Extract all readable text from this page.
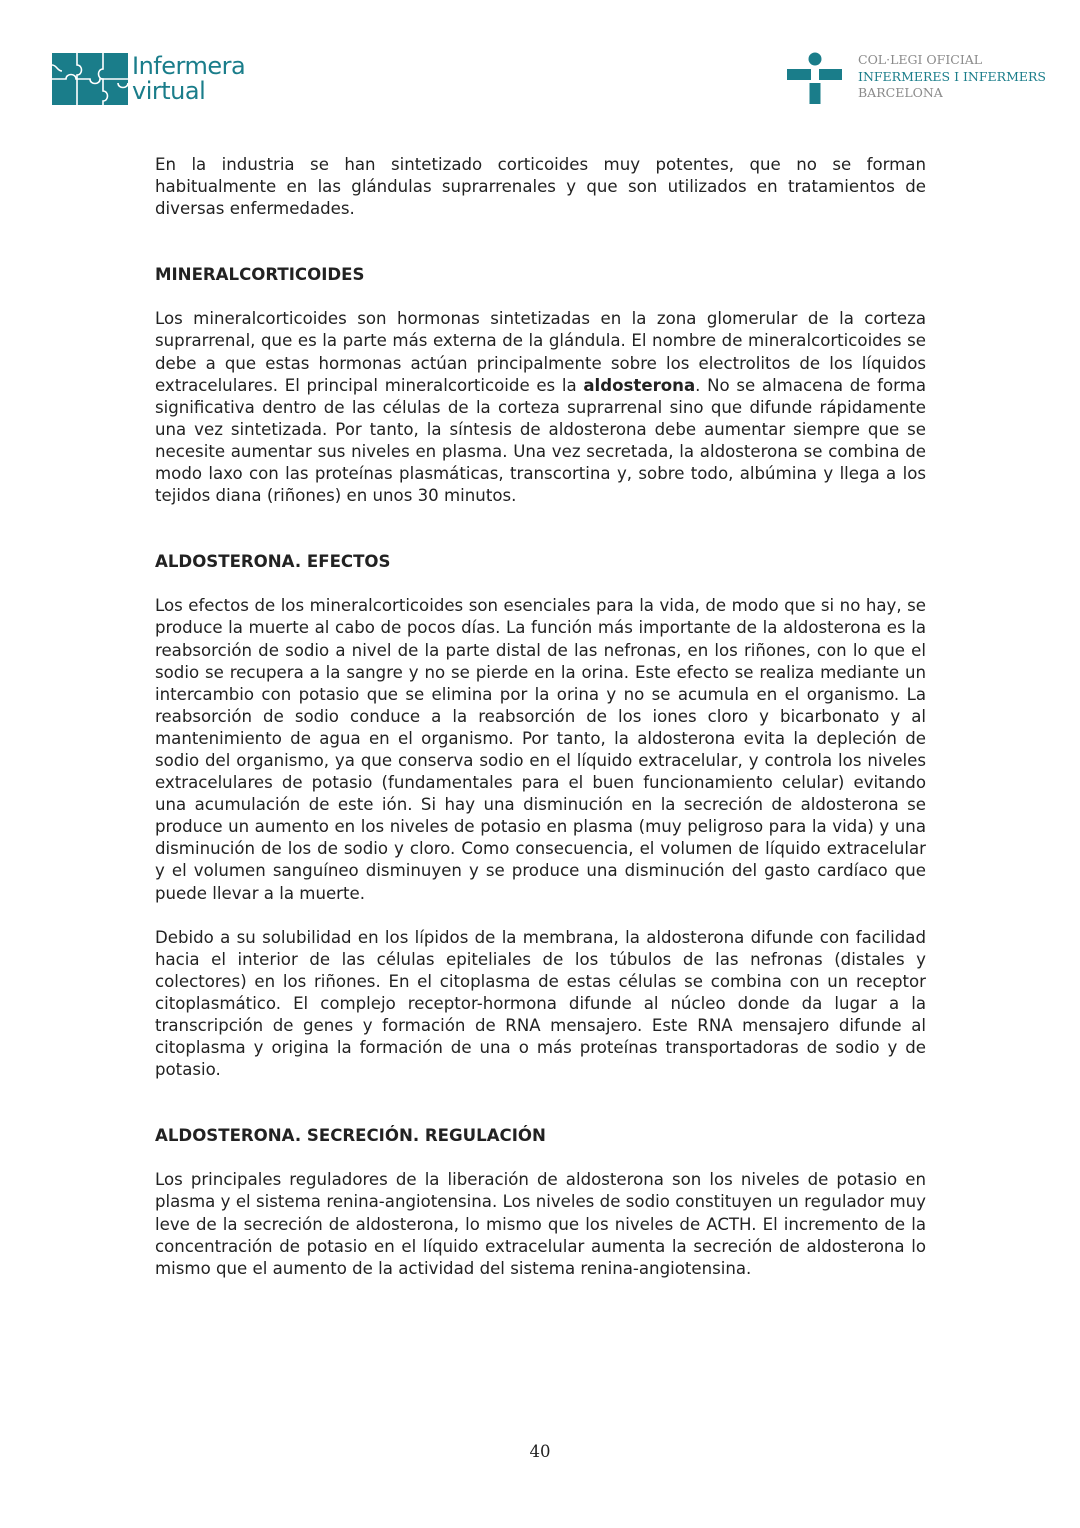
Infermera
virtual
COL·LEGI OFICIAL
INFERMERES I INFERMERS
BARCELONA

En la industria se han sintetizado corticoides muy potentes, que no se forman habitualmente en las glándulas suprarrenales y que son utilizados en tratamientos de diversas enfermedades.

MINERALCORTICOIDES

Los mineralcorticoides son hormonas sintetizadas en la zona glomerular de la corteza suprarrenal, que es la parte más externa de la glándula. El nombre de mineralcorticoides se debe a que estas hormonas actúan principalmente sobre los electrolitos de los líquidos extracelulares. El principal mineralcorticoide es la aldosterona. No se almacena de forma significativa dentro de las células de la corteza suprarrenal sino que difunde rápidamente una vez sintetizada. Por tanto, la síntesis de aldosterona debe aumentar siempre que se necesite aumentar sus niveles en plasma. Una vez secretada, la aldosterona se combina de modo laxo con las proteínas plasmáticas, transcortina y, sobre todo, albúmina y llega a los tejidos diana (riñones) en unos 30 minutos.

ALDOSTERONA. EFECTOS

Los efectos de los mineralcorticoides son esenciales para la vida, de modo que si no hay, se produce la muerte al cabo de pocos días. La función más importante de la aldosterona es la reabsorción de sodio a nivel de la parte distal de las nefronas, en los riñones, con lo que el sodio se recupera a la sangre y no se pierde en la orina. Este efecto se realiza mediante un intercambio con potasio que se elimina por la orina y no se acumula en el organismo. La reabsorción de sodio conduce a la reabsorción de los iones cloro y bicarbonato y al mantenimiento de agua en el organismo. Por tanto, la aldosterona evita la depleción de sodio del organismo, ya que conserva sodio en el líquido extracelular, y controla los niveles extracelulares de potasio (fundamentales para el buen funcionamiento celular) evitando una acumulación de este ión. Si hay una disminución en la secreción de aldosterona se produce un aumento en los niveles de potasio en plasma (muy peligroso para la vida) y una disminución de los de sodio y cloro. Como consecuencia, el volumen de líquido extracelular y el volumen sanguíneo disminuyen y se produce una disminución del gasto cardíaco que puede llevar a la muerte.

Debido a su solubilidad en los lípidos de la membrana, la aldosterona difunde con facilidad hacia el interior de las células epiteliales de los túbulos de las nefronas (distales y colectores) en los riñones. En el citoplasma de estas células se combina con un receptor citoplasmático. El complejo receptor-hormona difunde al núcleo donde da lugar a la transcripción de genes y formación de RNA mensajero. Este RNA mensajero difunde al citoplasma y origina la formación de una o más proteínas transportadoras de sodio y de potasio.

ALDOSTERONA. SECRECIÓN. REGULACIÓN

Los principales reguladores de la liberación de aldosterona son los niveles de potasio en plasma y el sistema renina-angiotensina. Los niveles de sodio constituyen un regulador muy leve de la secreción de aldosterona, lo mismo que los niveles de ACTH. El incremento de la concentración de potasio en el líquido extracelular aumenta la secreción de aldosterona lo mismo que el aumento de la actividad del sistema renina-angiotensina.

40
